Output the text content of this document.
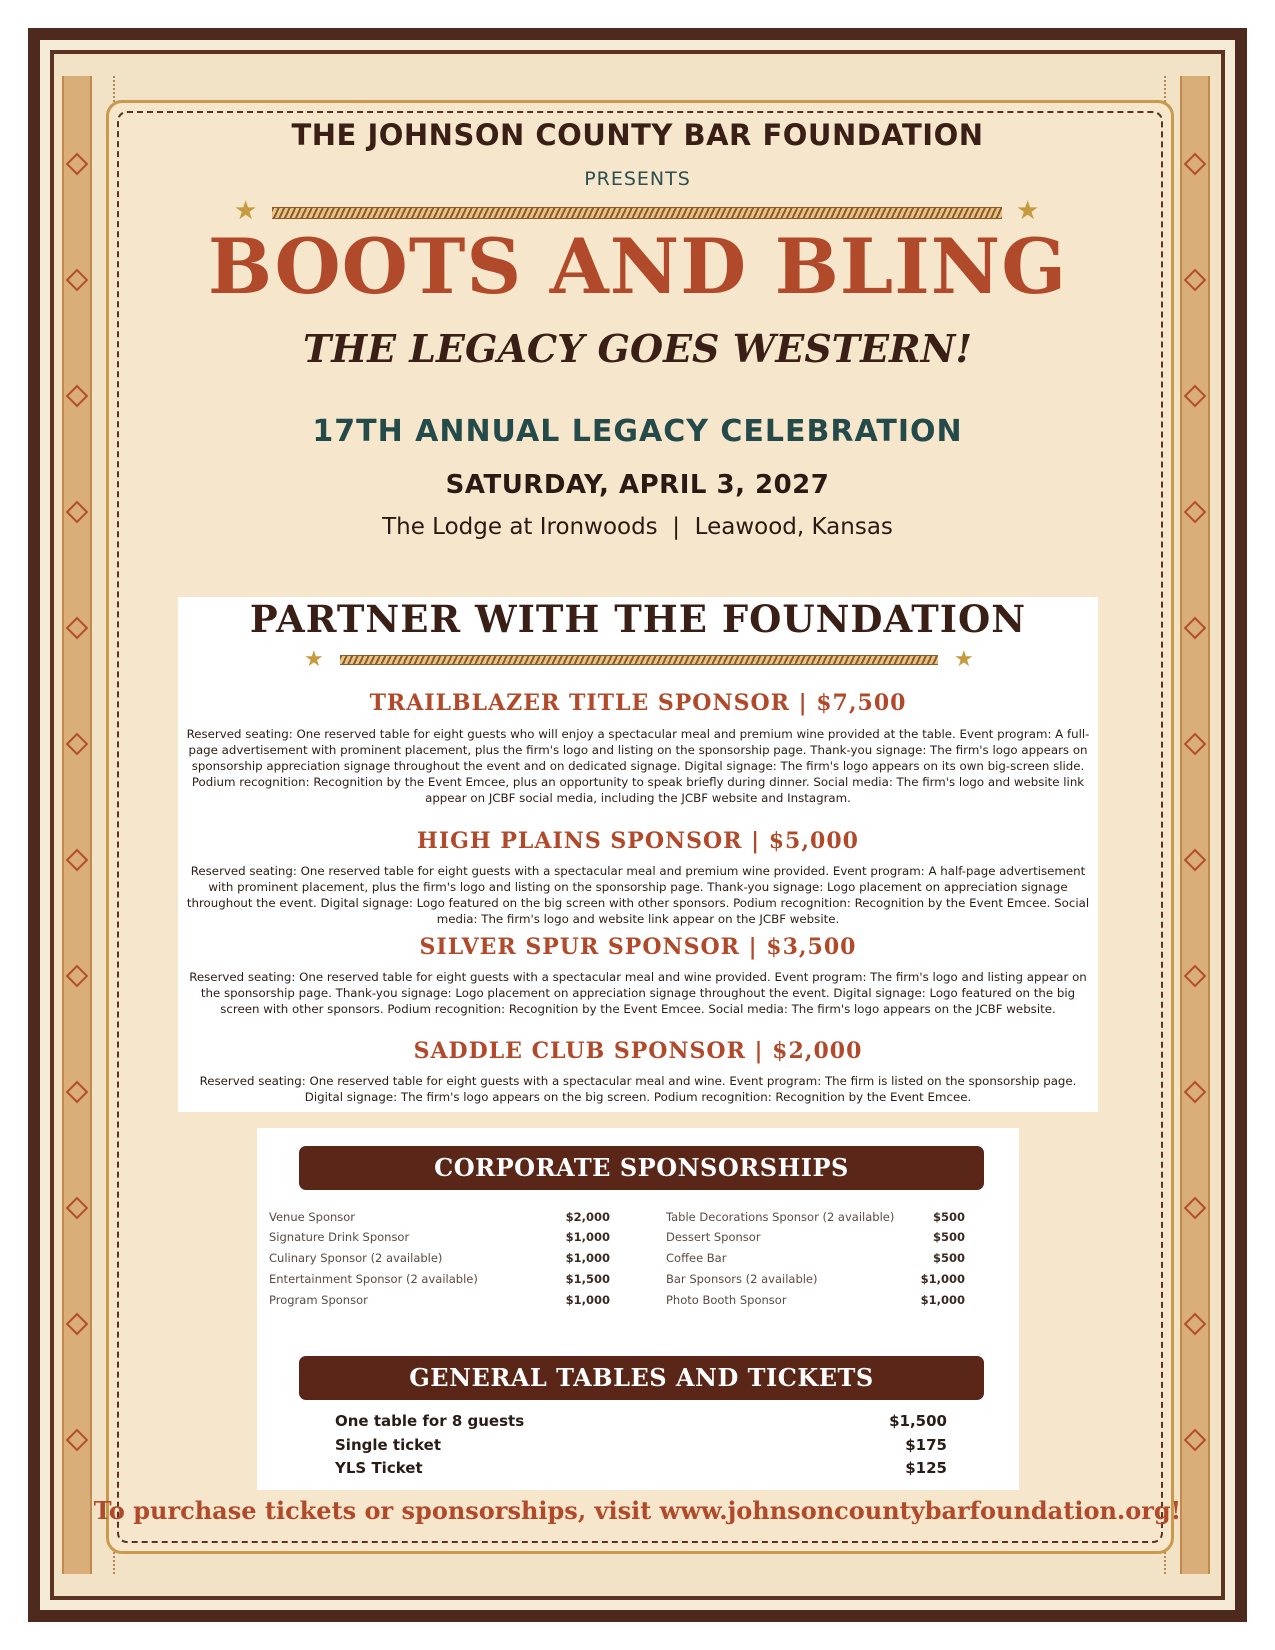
THE JOHNSON COUNTY BAR FOUNDATION
PRESENTS
★	★
BOOTS AND BLING
THE LEGACY GOES WESTERN!
17TH ANNUAL LEGACY CELEBRATION
SATURDAY, APRIL 3, 2027
The Lodge at Ironwoods  |  Leawood, Kansas
PARTNER WITH THE FOUNDATION
★	★
TRAILBLAZER TITLE SPONSOR | $7,500
Reserved seating: One reserved table for eight guests who will enjoy a spectacular meal and premium wine provided at the table. Event program: A full-page advertisement with prominent placement, plus the firm's logo and listing on the sponsorship page. Thank-you signage: The firm's logo appears on sponsorship appreciation signage throughout the event and on dedicated signage. Digital signage: The firm's logo appears on its own big-screen slide. Podium recognition: Recognition by the Event Emcee, plus an opportunity to speak briefly during dinner. Social media: The firm's logo and website link appear on JCBF social media, including the JCBF website and Instagram.
HIGH PLAINS SPONSOR | $5,000
Reserved seating: One reserved table for eight guests with a spectacular meal and premium wine provided. Event program: A half-page advertisement with prominent placement, plus the firm's logo and listing on the sponsorship page. Thank-you signage: Logo placement on appreciation signage throughout the event. Digital signage: Logo featured on the big screen with other sponsors. Podium recognition: Recognition by the Event Emcee. Social media: The firm's logo and website link appear on the JCBF website.
SILVER SPUR SPONSOR | $3,500
Reserved seating: One reserved table for eight guests with a spectacular meal and wine provided. Event program: The firm's logo and listing appear on the sponsorship page. Thank-you signage: Logo placement on appreciation signage throughout the event. Digital signage: Logo featured on the big screen with other sponsors. Podium recognition: Recognition by the Event Emcee. Social media: The firm's logo appears on the JCBF website.
SADDLE CLUB SPONSOR | $2,000
Reserved seating: One reserved table for eight guests with a spectacular meal and wine. Event program: The firm is listed on the sponsorship page. Digital signage: The firm's logo appears on the big screen. Podium recognition: Recognition by the Event Emcee.
CORPORATE SPONSORSHIPS
Venue Sponsor	$2,000
Signature Drink Sponsor	$1,000
Culinary Sponsor (2 available)	$1,000
Entertainment Sponsor (2 available)	$1,500
Program Sponsor	$1,000
Table Decorations Sponsor (2 available)	$500
Dessert Sponsor	$500
Coffee Bar	$500
Bar Sponsors (2 available)	$1,000
Photo Booth Sponsor	$1,000
GENERAL TABLES AND TICKETS
One table for 8 guests	$1,500
Single ticket	$175
YLS Ticket	$125
To purchase tickets or sponsorships, visit www.johnsoncountybarfoundation.org!
